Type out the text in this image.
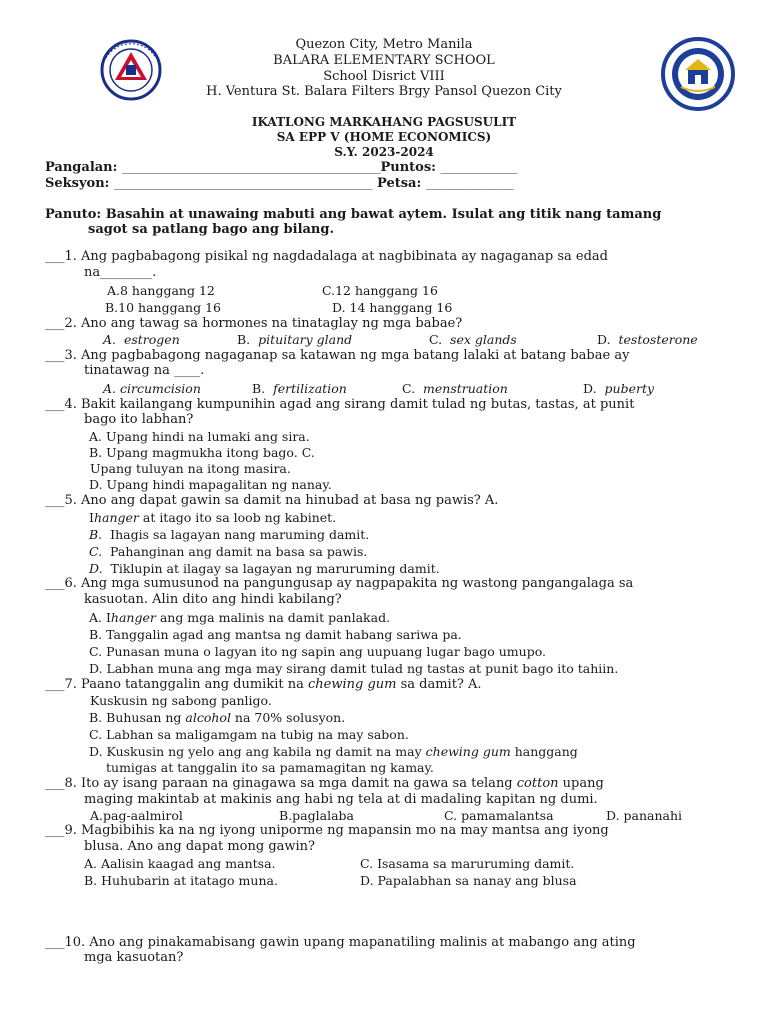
Quezon City, Metro Manila
BALARA ELEMENTARY SCHOOL
School Disrict VIII
H. Ventura St. Balara Filters Brgy Pansol Quezon City
IKATLONG MARKAHANG PAGSUSULIT
SA EPP V (HOME ECONOMICS)
S.Y. 2023-2024
Pangalan: _______________________________________________Puntos: ______________
Seksyon: _______________________________________________ Petsa: ________________
Panuto: Basahin at unawaing mabuti ang bawat aytem. Isulat ang titik nang tamang
sagot sa patlang bago ang bilang.
___1. Ang pagbabagong pisikal ng nagdadalaga at nagbibinata ay nagaganap sa edad
na________.
A.8 hanggang 12	C.12 hanggang 16
B.10 hanggang 16	D. 14 hanggang 16
___2. Ano ang tawag sa hormones na tinataglay ng mga babae?
A. estrogen	B. pituitary gland	C. sex glands	D. testosterone
___3. Ang pagbabagong nagaganap sa katawan ng mga batang lalaki at batang babae ay
tinatawag na ____.
A. circumcision	B. fertilization	C. menstruation	D. puberty
___4. Bakit kailangang kumpunihin agad ang sirang damit tulad ng butas, tastas, at punit
bago ito labhan?
A. Upang hindi na lumaki ang sira.
B. Upang magmukha itong bago. C.
Upang tuluyan na itong masira.
D. Upang hindi mapagalitan ng nanay.
___5. Ano ang dapat gawin sa damit na hinubad at basa ng pawis? A.
Ihanger at itago ito sa loob ng kabinet.
B. Ihagis sa lagayan nang maruming damit.
C. Pahanginan ang damit na basa sa pawis.
D. Tiklupin at ilagay sa lagayan ng maruruming damit.
___6. Ang mga sumusunod na pangungusap ay nagpapakita ng wastong pangangalaga sa
kasuotan. Alin dito ang hindi kabilang?
A. Ihanger ang mga malinis na damit panlakad.
B. Tanggalin agad ang mantsa ng damit habang sariwa pa.
C. Punasan muna o lagyan ito ng sapin ang uupuang lugar bago umupo.
D. Labhan muna ang mga may sirang damit tulad ng tastas at punit bago ito tahiin.
___7. Paano tatanggalin ang dumikit na chewing gum sa damit? A.
Kuskusin ng sabong panligo.
B. Buhusan ng alcohol na 70% solusyon.
C. Labhan sa maligamgam na tubig na may sabon.
D. Kuskusin ng yelo ang ang kabila ng damit na may chewing gum hanggang
tumigas at tanggalin ito sa pamamagitan ng kamay.
___8. Ito ay isang paraan na ginagawa sa mga damit na gawa sa telang cotton upang
maging makintab at makinis ang habi ng tela at di madaling kapitan ng dumi.
A.pag-aalmirol	B.paglalaba	C. pamamalantsa	D. pananahi
___9. Magbibihis ka na ng iyong uniporme ng mapansin mo na may mantsa ang iyong
blusa. Ano ang dapat mong gawin?
A. Aalisin kaagad ang mantsa.	C. Isasama sa maruruming damit.
B. Huhubarin at itatago muna.	D. Papalabhan sa nanay ang blusa
___10. Ano ang pinakamabisang gawin upang mapanatiling malinis at mabango ang ating
mga kasuotan?
